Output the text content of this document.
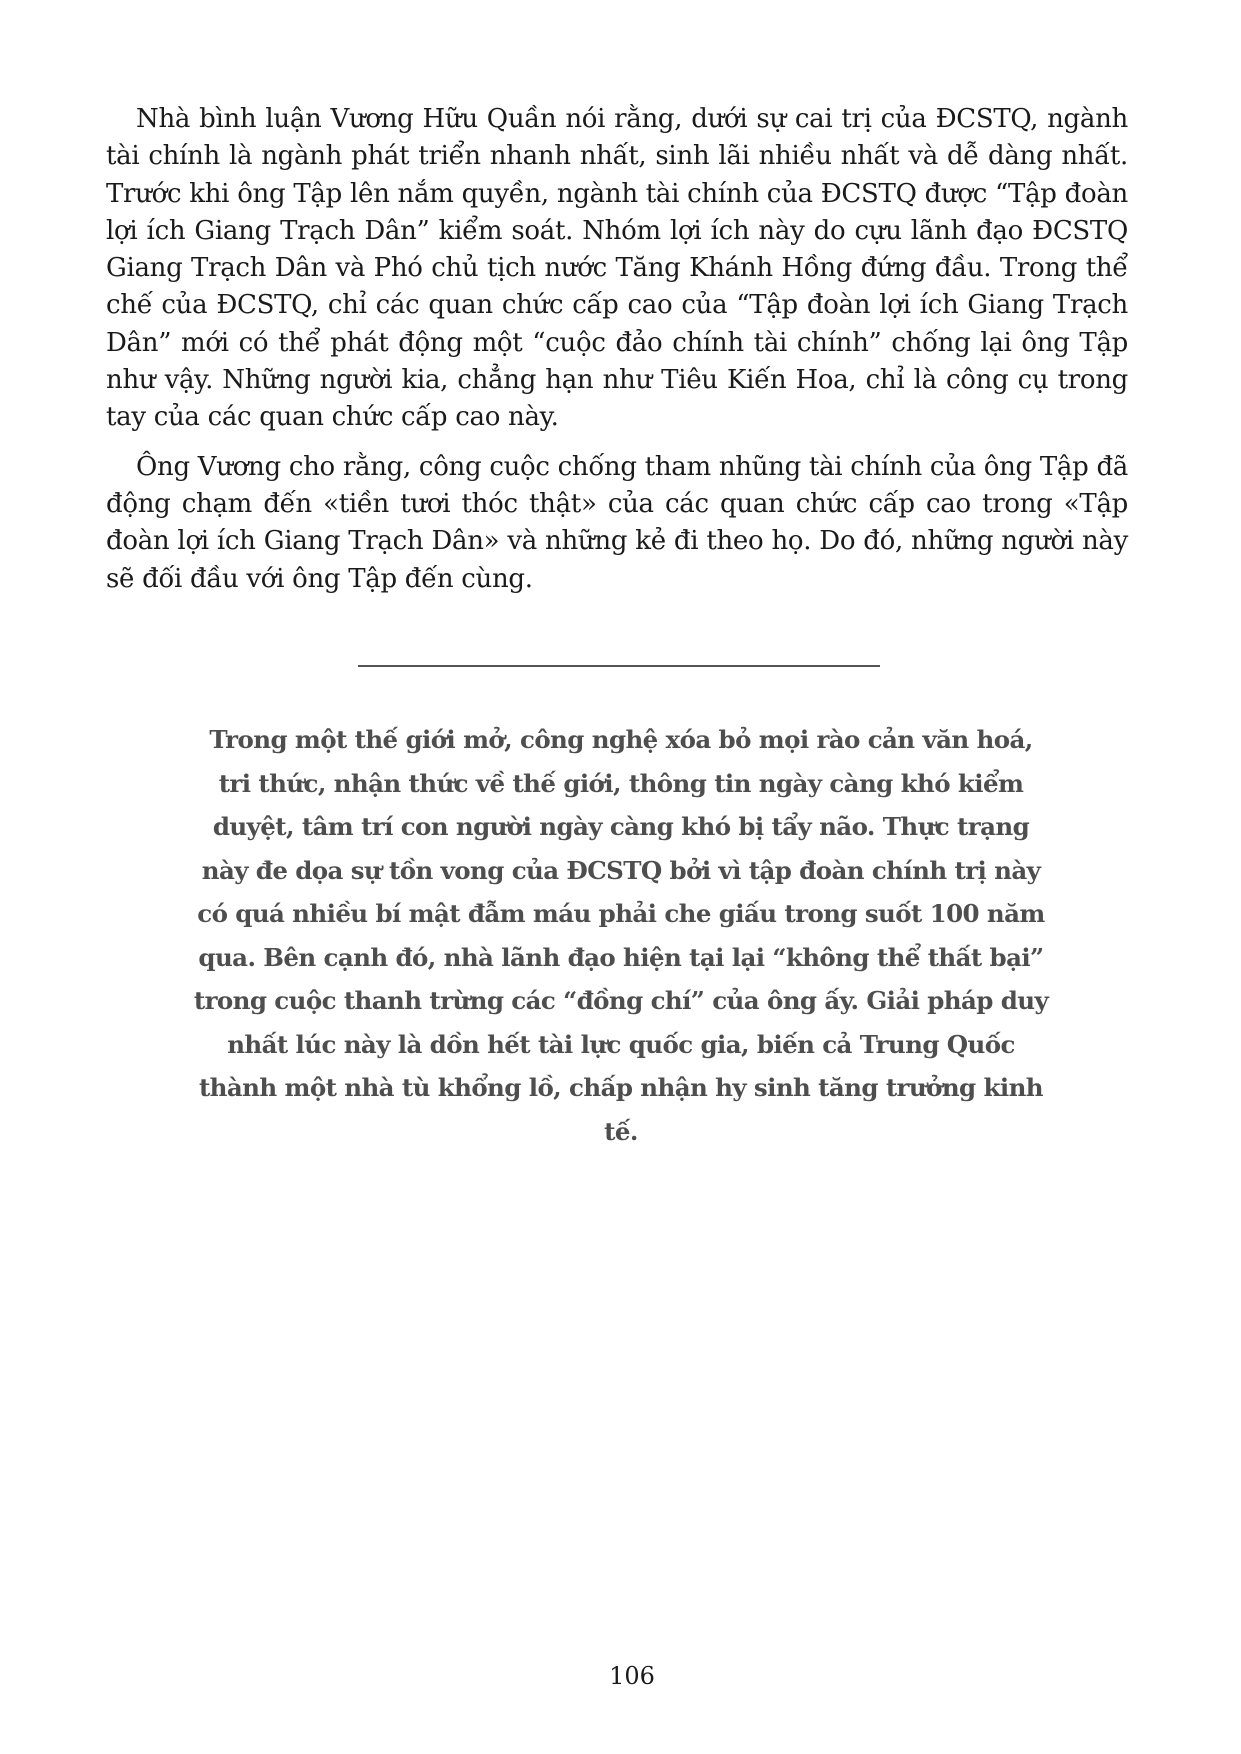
Nhà bình luận Vương Hữu Quần nói rằng, dưới sự cai trị của ĐCSTQ, ngành tài chính là ngành phát triển nhanh nhất, sinh lãi nhiều nhất và dễ dàng nhất. Trước khi ông Tập lên nắm quyền, ngành tài chính của ĐCSTQ được “Tập đoàn lợi ích Giang Trạch Dân” kiểm soát. Nhóm lợi ích này do cựu lãnh đạo ĐCSTQ Giang Trạch Dân và Phó chủ tịch nước Tăng Khánh Hồng đứng đầu. Trong thể chế của ĐCSTQ, chỉ các quan chức cấp cao của “Tập đoàn lợi ích Giang Trạch Dân” mới có thể phát động một “cuộc đảo chính tài chính” chống lại ông Tập như vậy. Những người kia, chẳng hạn như Tiêu Kiến Hoa, chỉ là công cụ trong tay của các quan chức cấp cao này.

Ông Vương cho rằng, công cuộc chống tham nhũng tài chính của ông Tập đã động chạm đến «tiền tươi thóc thật» của các quan chức cấp cao trong «Tập đoàn lợi ích Giang Trạch Dân» và những kẻ đi theo họ. Do đó, những người này sẽ đối đầu với ông Tập đến cùng.

Trong một thế giới mở, công nghệ xóa bỏ mọi rào cản văn hoá, tri thức, nhận thức về thế giới, thông tin ngày càng khó kiểm duyệt, tâm trí con người ngày càng khó bị tẩy não. Thực trạng này đe dọa sự tồn vong của ĐCSTQ bởi vì tập đoàn chính trị này có quá nhiều bí mật đẫm máu phải che giấu trong suốt 100 năm qua. Bên cạnh đó, nhà lãnh đạo hiện tại lại “không thể thất bại” trong cuộc thanh trừng các “đồng chí” của ông ấy. Giải pháp duy nhất lúc này là dồn hết tài lực quốc gia, biến cả Trung Quốc thành một nhà tù khổng lồ, chấp nhận hy sinh tăng trưởng kinh tế.
106
